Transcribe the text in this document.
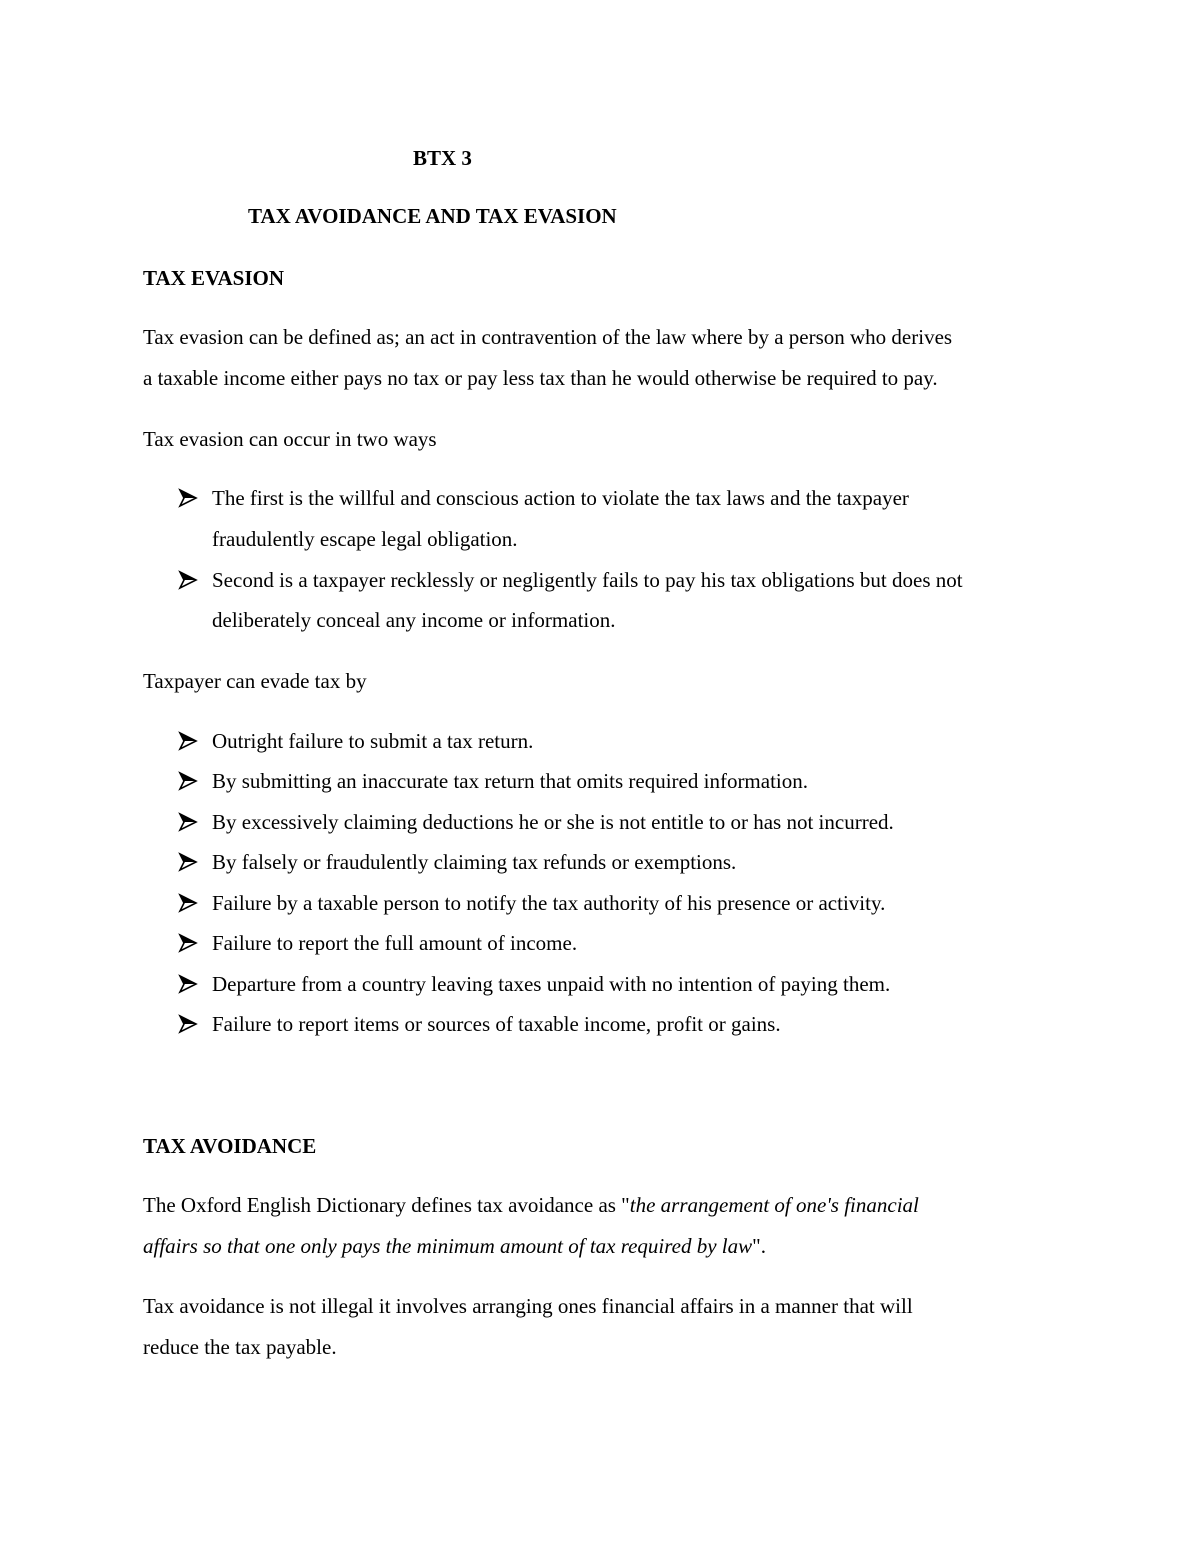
BTX 3
TAX AVOIDANCE AND TAX EVASION
TAX EVASION
Tax evasion can be defined as; an act in contravention of the law where by a person who derives
a taxable income either pays no tax or pay less tax than he would otherwise be required to pay.
Tax evasion can occur in two ways
The first is the willful and conscious action to violate the tax laws and the taxpayer
fraudulently escape legal obligation.
Second is a taxpayer recklessly or negligently fails to pay his tax obligations but does not
deliberately conceal any income or information.
Taxpayer can evade tax by
Outright failure to submit a tax return.
By submitting an inaccurate tax return that omits required information.
By excessively claiming deductions he or she is not entitle to or has not incurred.
By falsely or fraudulently claiming tax refunds or exemptions.
Failure by a taxable person to notify the tax authority of his presence or activity.
Failure to report the full amount of income.
Departure from a country leaving taxes unpaid with no intention of paying them.
Failure to report items or sources of taxable income, profit or gains.
TAX AVOIDANCE
The Oxford English Dictionary defines tax avoidance as "the arrangement of one's financial
affairs so that one only pays the minimum amount of tax required by law".
Tax avoidance is not illegal it involves arranging ones financial affairs in a manner that will
reduce the tax payable.
